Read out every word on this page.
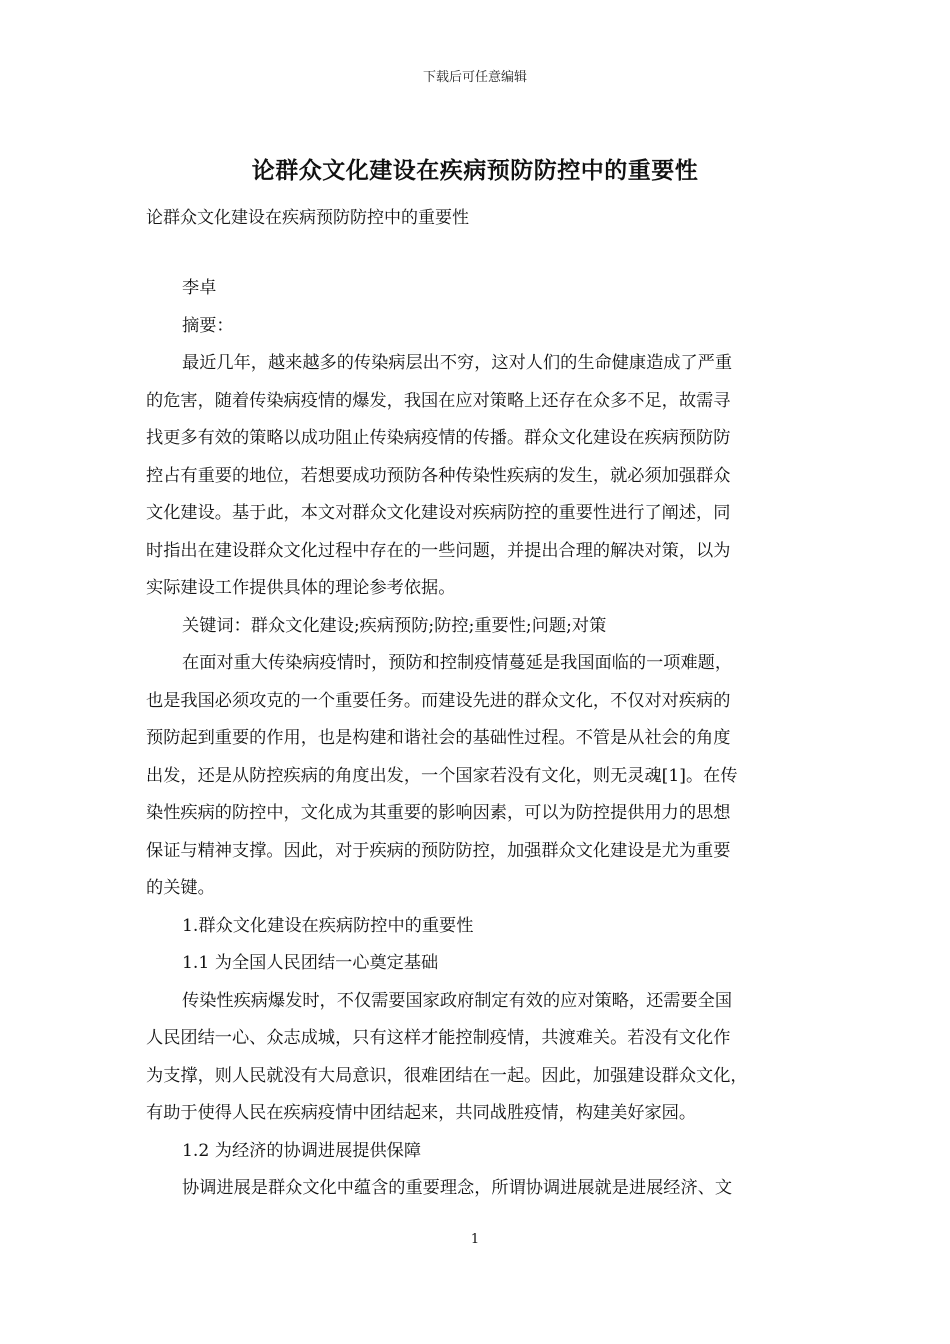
下载后可任意编辑
论群众文化建设在疾病预防防控中的重要性
论群众文化建设在疾病预防防控中的重要性
李卓
摘要：
最近几年，越来越多的传染病层出不穷，这对人们的生命健康造成了严重
的危害，随着传染病疫情的爆发，我国在应对策略上还存在众多不足，故需寻
找更多有效的策略以成功阻止传染病疫情的传播。群众文化建设在疾病预防防
控占有重要的地位，若想要成功预防各种传染性疾病的发生，就必须加强群众
文化建设。基于此，本文对群众文化建设对疾病防控的重要性进行了阐述，同
时指出在建设群众文化过程中存在的一些问题，并提出合理的解决对策，以为
实际建设工作提供具体的理论参考依据。
关键词：群众文化建设;疾病预防;防控;重要性;问题;对策
在面对重大传染病疫情时，预防和控制疫情蔓延是我国面临的一项难题，
也是我国必须攻克的一个重要任务。而建设先进的群众文化，不仅对对疾病的
预防起到重要的作用，也是构建和谐社会的基础性过程。不管是从社会的角度
出发，还是从防控疾病的角度出发，一个国家若没有文化，则无灵魂[1]。在传
染性疾病的防控中，文化成为其重要的影响因素，可以为防控提供用力的思想
保证与精神支撑。因此，对于疾病的预防防控，加强群众文化建设是尤为重要
的关键。
1.群众文化建设在疾病防控中的重要性
1.1 为全国人民团结一心奠定基础
传染性疾病爆发时，不仅需要国家政府制定有效的应对策略，还需要全国
人民团结一心、众志成城，只有这样才能控制疫情，共渡难关。若没有文化作
为支撑，则人民就没有大局意识，很难团结在一起。因此，加强建设群众文化，
有助于使得人民在疾病疫情中团结起来，共同战胜疫情，构建美好家园。
1.2 为经济的协调进展提供保障
协调进展是群众文化中蕴含的重要理念，所谓协调进展就是进展经济、文
1
